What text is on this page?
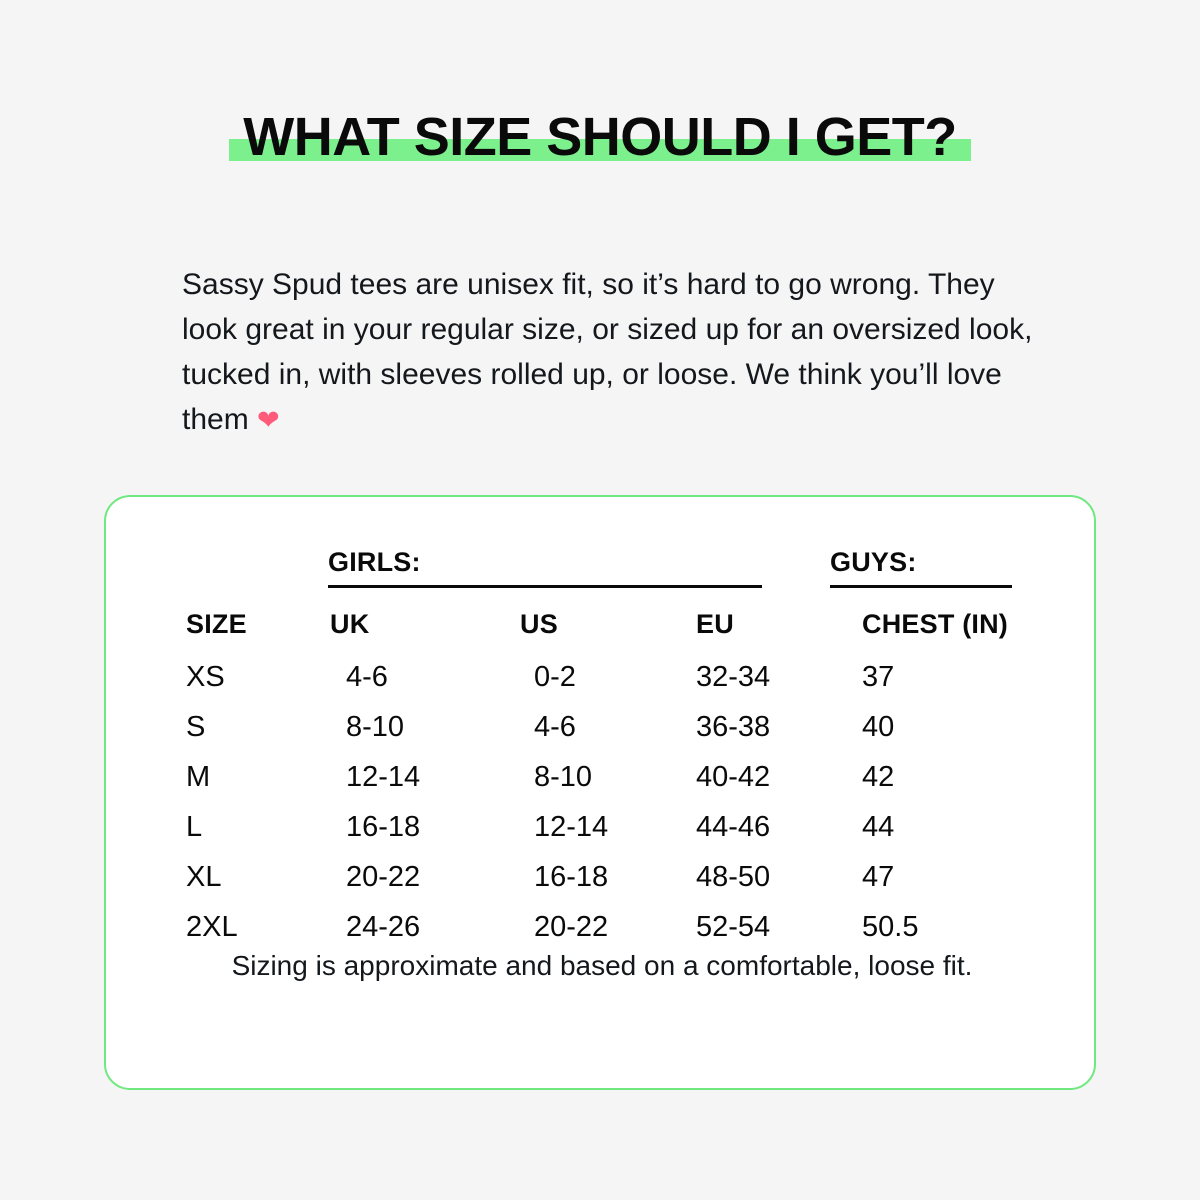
WHAT SIZE SHOULD I GET?

Sassy Spud tees are unisex fit, so it’s hard to go wrong. They look great in your regular size, or sized up for an oversized look, tucked in, with sleeves rolled up, or loose. We think you’ll love them ❤

GIRLS:	GUYS:
SIZE	UK	US	EU	CHEST (IN)
XS	4-6	0-2	32-34	37
S	8-10	4-6	36-38	40
M	12-14	8-10	40-42	42
L	16-18	12-14	44-46	44
XL	20-22	16-18	48-50	47
2XL	24-26	20-22	52-54	50.5
Sizing is approximate and based on a comfortable, loose fit.
